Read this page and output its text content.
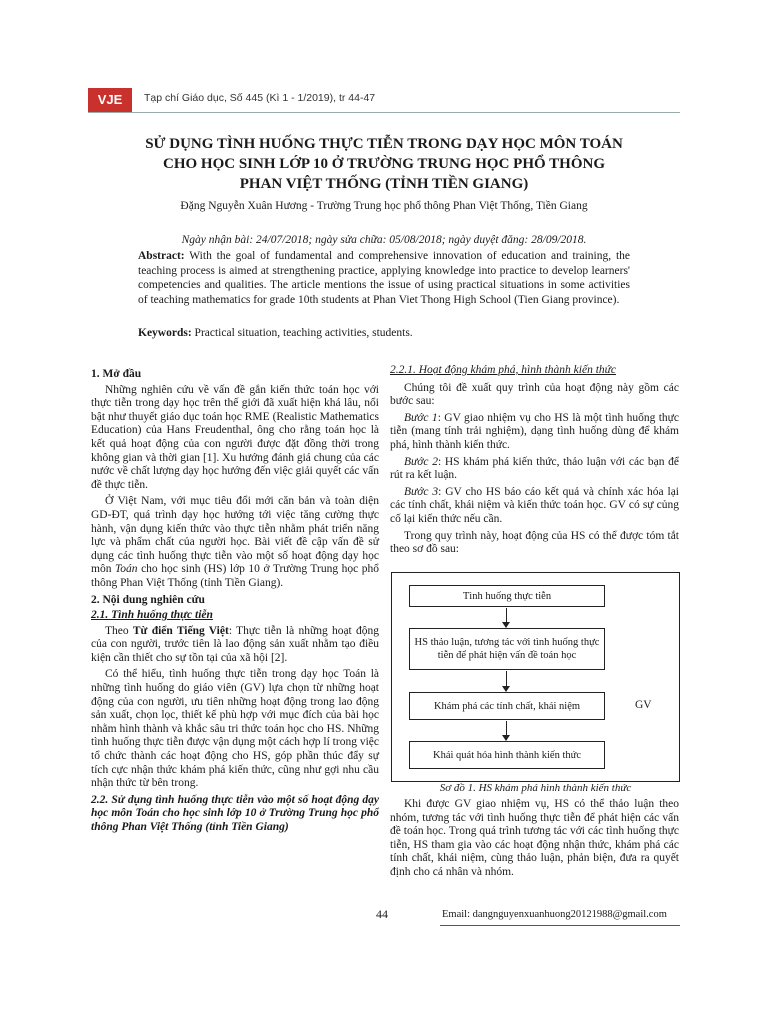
VJE	Tạp chí Giáo dục, Số 445 (Kì 1 - 1/2019), tr 44-47
SỬ DỤNG TÌNH HUỐNG THỰC TIỄN TRONG DẠY HỌC MÔN TOÁN
CHO HỌC SINH LỚP 10 Ở TRƯỜNG TRUNG HỌC PHỔ THÔNG
PHAN VIỆT THỐNG (TỈNH TIỀN GIANG)
Đặng Nguyễn Xuân Hương - Trường Trung học phổ thông Phan Việt Thống, Tiền Giang
Ngày nhận bài: 24/07/2018; ngày sửa chữa: 05/08/2018; ngày duyệt đăng: 28/09/2018.
Abstract: With the goal of fundamental and comprehensive innovation of education and training, the teaching process is aimed at strengthening practice, applying knowledge into practice to develop learners' competencies and qualities. The article mentions the issue of using practical situations in some activities of teaching mathematics for grade 10th students at Phan Viet Thong High School (Tien Giang province).
Keywords: Practical situation, teaching activities, students.
1. Mở đầu

Những nghiên cứu về vấn đề gắn kiến thức toán học với thực tiễn trong dạy học trên thế giới đã xuất hiện khá lâu, nổi bật như thuyết giáo dục toán học RME (Realistic Mathematics Education) của Hans Freudenthal, ông cho rằng toán học là kết quả hoạt động của con người được đặt đồng thời trong không gian và thời gian [1]. Xu hướng đánh giá chung của các nước về chất lượng dạy học hướng đến việc giải quyết các vấn đề thực tiễn.

Ở Việt Nam, với mục tiêu đổi mới căn bản và toàn diện GD-ĐT, quá trình dạy học hướng tới việc tăng cường thực hành, vận dụng kiến thức vào thực tiễn nhằm phát triển năng lực và phẩm chất của người học. Bài viết đề cập vấn đề sử dụng các tình huống thực tiễn vào một số hoạt động dạy học môn Toán cho học sinh (HS) lớp 10 ở Trường Trung học phổ thông Phan Việt Thống (tỉnh Tiền Giang).

2. Nội dung nghiên cứu
2.1. Tình huống thực tiễn

Theo Từ điển Tiếng Việt: Thực tiễn là những hoạt động của con người, trước tiên là lao động sản xuất nhằm tạo điều kiện cần thiết cho sự tồn tại của xã hội [2].

Có thể hiểu, tình huống thực tiễn trong dạy học Toán là những tình huống do giáo viên (GV) lựa chọn từ những hoạt động của con người, ưu tiên những hoạt động trong lao động sản xuất, chọn lọc, thiết kế phù hợp với mục đích của bài học nhằm hình thành và khắc sâu tri thức toán học cho HS. Những tình huống thực tiễn được vận dụng một cách hợp lí trong việc tổ chức thành các hoạt động cho HS, góp phần thúc đẩy sự tích cực nhận thức khám phá kiến thức, cũng như gợi nhu cầu nhận thức từ bên trong.

2.2. Sử dụng tình huống thực tiễn vào một số hoạt động dạy học môn Toán cho học sinh lớp 10 ở Trường Trung học phổ thông Phan Việt Thống (tỉnh Tiền Giang)
2.2.1. Hoạt động khám phá, hình thành kiến thức

Chúng tôi đề xuất quy trình của hoạt động này gồm các bước sau:

Bước 1: GV giao nhiệm vụ cho HS là một tình huống thực tiễn (mang tính trải nghiệm), dạng tình huống dùng để khám phá, hình thành kiến thức.

Bước 2: HS khám phá kiến thức, thảo luận với các bạn để rút ra kết luận.

Bước 3: GV cho HS báo cáo kết quả và chính xác hóa lại các tính chất, khái niệm và kiến thức toán học. GV có sự củng cố lại kiến thức nếu cần.

Trong quy trình này, hoạt động của HS có thể được tóm tắt theo sơ đồ sau:

Tình huống thực tiễn
HS thảo luận, tương tác với tình huống thực tiễn để phát hiện vấn đề toán học
Khám phá các tính chất, khái niệm
Khái quát hóa hình thành kiến thức
GV
Sơ đồ 1. HS khám phá hình thành kiến thức

Khi được GV giao nhiệm vụ, HS có thể thảo luận theo nhóm, tương tác với tình huống thực tiễn để phát hiện các vấn đề toán học. Trong quá trình tương tác với các tình huống thực tiễn, HS tham gia vào các hoạt động nhận thức, khám phá các tính chất, khái niệm, cùng thảo luận, phản biện, đưa ra quyết định cho cá nhân và nhóm.

44	Email: dangnguyenxuanhuong20121988@gmail.com
